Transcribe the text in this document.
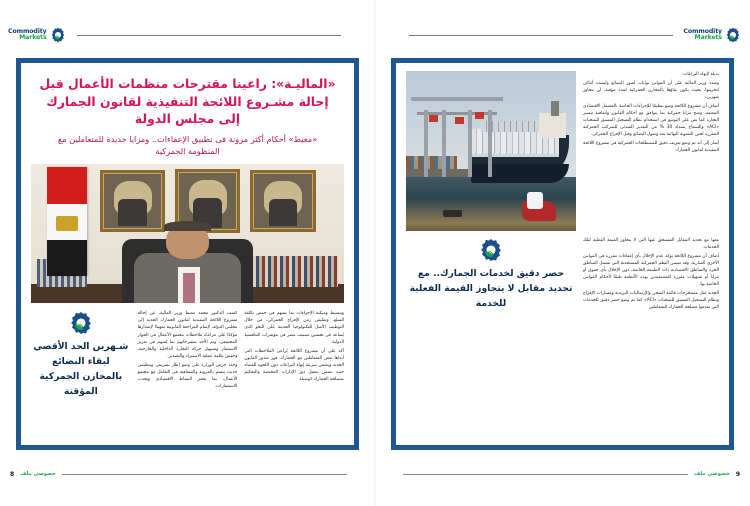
Commodity
Markets

بديلة لإنهاء النزاعات.

وشدد وزير المالية على أن الموانئ بوابات لعبور البضائع وليست أماكن لتخزينها، بحيث يكون بقاؤها بالمخازن الجمركية لمدة مؤقتة، لن تتجاوز شهرين.

أضاف أن مشروع اللائحة وضع تنظيمًا للإجراءات الخاصة بالمشغل الاقتصادى المعتمد، ومنح مزايا جمركية بما يتوافق مع أحكام القانون واتفاقية تيسير التجارة كما نص على التوسع فى استخدام نظام التسجيل المسبق للشحنات «ACI» والسماح بسداد 30 % من التقدير المبدئى للضرائب الجمركية المقررة لحين التسوية النهائية بعد وصول البضائع وقبل الإفراج الجمركى.

أشار إلى أنه تم وضع تعريف دقيق للمصطلحات الجمركية فى مشروع اللائحة التنفيذية لقانون الجمارك

معها مع تحديد المقابل المستحق عنها التى لا يتجاوز القيمة الفعلية لتلك الخدمات.

أضاف أن مشروع اللائحة يؤكد عدم الإخلال بأى إعفاءات مقررة فى القوانين الأخرى السارية، وقد تضمن النظم الجمركية المستحدثة التى تشمل المناطق الحرة والمناطق الاقتصادية ذات الطبيعة الخاصة، دون الإخلال بأى حقوق أو مزايا أو تسهيلات مقررة للمستفيدين بهذه الأنظمة طبقًا لأحكام القوانين الخاصة بها.

الجديد مثل مستخرجات قائمة الشحن والإرساليات البريدية ومسارات الإفراج ونظام التسجيل المسبق للشحنات «ACI» كما تم وضع حصر دقيق للخدمات التى تقدمها مصلحة الجمارك للمتعاملين

حصر دقيق لخدمات الجمارك.. مع تحديد مقابل لا يتجاوز القيمة الفعلية للخدمة
9
خصوصي ملف
Commodity
Markets
«الماليـة»: راعينا مقترحات منظمات الأعمال قبل إحالة مشـروع اللائحة التنفيذية لقانون الجمارك إلى مجلس الدولة
«معيط» أحكام أكثر مرونة فى تطبيق الإعفاءات.. ومزايا جديدة للمتعاملين مع المنظومة الجمركية

وتبسيط وميكنة الإجراءات بما يسهم فى خفض تكلفة السلع، وتقليص زمن الإفراج الجمركى، من خلال التوظيف الأمثل للتكنولوجيا الحديثة على النحو الذى يُساعد فى تحسين تصنيف مصر فى مؤشرات التنافسية الدولية.

أكد على أن مشروع اللائحة يُراعى الملاحظات التى أبداها بعض المتعاملين مع الجمارك، فور صدور القانون الجديد ويضمن سرعة إنهاء النزاعات دون اللجوء للقضاء حيث تضمن تفعيل دور الإدارات المختصة والتحكيم بمصلحة الجمارك كوسيلة

كشف الدكتور محمد معيط وزير المالية، عن إحالة مشروع اللائحة التنفيذية لقانون الجمارك الجديد إلى مجلس الدولة، لإتمام المراجعة القانونية تمهيدًا لإصدارها مؤكدًا على مراعاة ملاحظات مجتمع الأعمال فى الحوار المجتمعى، وتم الأخذ بمقترحاتهم بما يُسهم فى تعزيز الاستثمار وتسهيل حركة التجارة الداخلية والخارجية، وخفض تكلفة عملية الاستيراد والتصدير.

وجدد حرص الوزارة على وضع إطار تشريعى وتنظيمى حديث يتسم بالمرونة والشفافية فى التعامل مع مجتمع الأعمال، بما يحفز النشاط الاقتصادى ويجذب الاستثمارات.

شـهرين الحد الأقصي لبقاء البضائع بالمخازن الجمركية المؤقتة
8 خصوصي ملف
